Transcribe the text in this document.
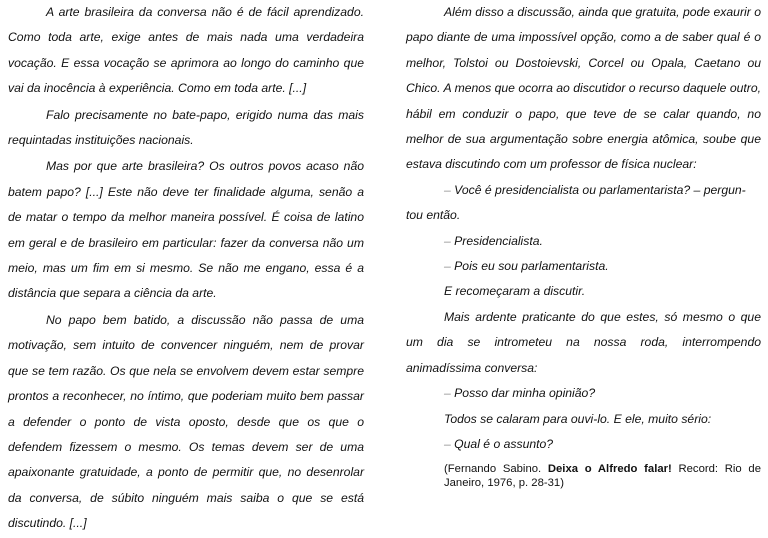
A arte brasileira da conversa não é de fácil aprendizado. Como toda arte, exige antes de mais nada uma verdadeira vocação. E essa vocação se aprimora ao longo do caminho que vai da inocência à experiência. Como em toda arte. [...]

Falo precisamente no bate-papo, erigido numa das mais requintadas instituições nacionais.

Mas por que arte brasileira? Os outros povos acaso não batem papo? [...] Este não deve ter finalidade alguma, senão a de matar o tempo da melhor maneira possível. É coisa de latino em geral e de brasileiro em particular: fazer da conversa não um meio, mas um fim em si mesmo. Se não me engano, essa é a distância que separa a ciência da arte.

No papo bem batido, a discussão não passa de uma motivação, sem intuito de convencer ninguém, nem de provar que se tem razão. Os que nela se envolvem devem estar sempre prontos a reconhecer, no íntimo, que poderiam muito bem passar a defender o ponto de vista oposto, desde que os que o defendem fizessem o mesmo. Os temas devem ser de uma apaixonante gratuidade, a ponto de permitir que, no desenrolar da conversa, de súbito ninguém mais saiba o que se está discutindo. [...]

Além disso a discussão, ainda que gratuita, pode exaurir o papo diante de uma impossível opção, como a de saber qual é o melhor, Tolstoi ou Dostoievski, Corcel ou Opala, Caetano ou Chico. A menos que ocorra ao discutidor o recurso daquele outro, hábil em conduzir o papo, que teve de se calar quando, no melhor de sua argumentação sobre energia atômica, soube que estava discutindo com um professor de física nuclear:

– Você é presidencialista ou parlamentarista? – pergun-

tou então.

– Presidencialista.

– Pois eu sou parlamentarista.

E recomeçaram a discutir.

Mais ardente praticante do que estes, só mesmo o que um dia se intrometeu na nossa roda, interrompendo animadíssima conversa:

– Posso dar minha opinião?

Todos se calaram para ouvi-lo. E ele, muito sério:

– Qual é o assunto?

(Fernando Sabino. Deixa o Alfredo falar! Record: Rio de Janeiro, 1976, p. 28-31)
